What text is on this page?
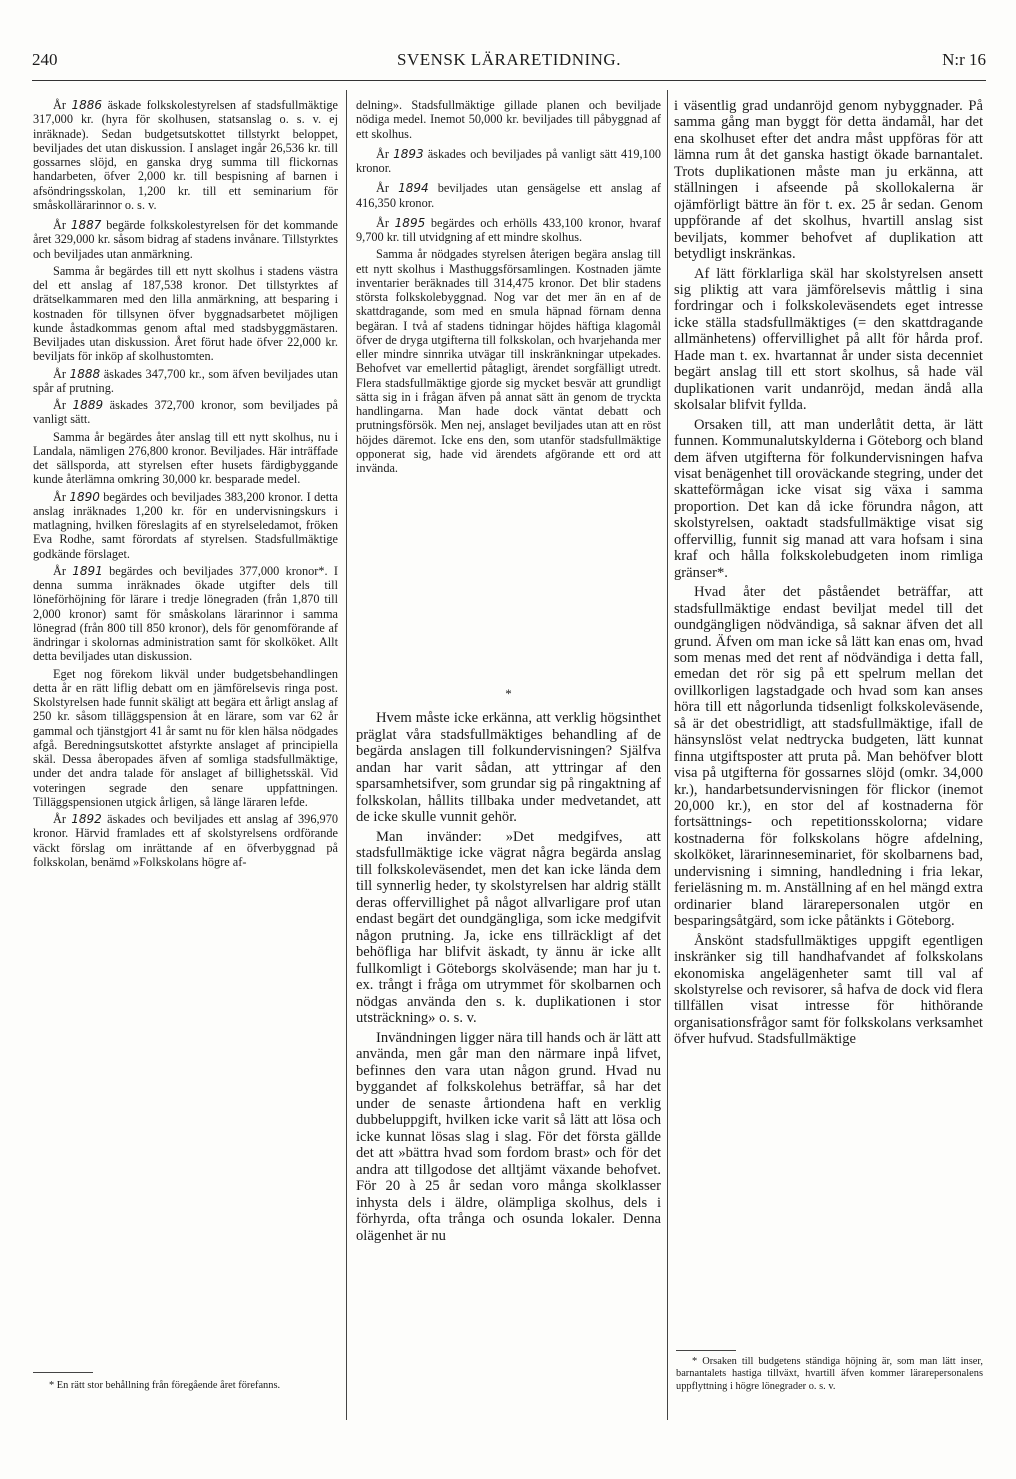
240	SVENSK LÄRARETIDNING.	N:r 16

År 1886 äskade folkskolestyrelsen af stadsfullmäktige 317,000 kr. (hyra för skolhusen, statsanslag o. s. v. ej inräknade). Sedan budgetsutskottet tillstyrkt beloppet, beviljades det utan diskussion. I anslaget ingår 26,536 kr. till gossarnes slöjd, en ganska dryg summa till flickornas handarbeten, öfver 2,000 kr. till bespisning af barnen i afsöndringsskolan, 1,200 kr. till ett seminarium för småskollärarinnor o. s. v.

År 1887 begärde folkskolestyrelsen för det kommande året 329,000 kr. såsom bidrag af stadens invånare. Tillstyrktes och beviljades utan anmärkning.

Samma år begärdes till ett nytt skolhus i stadens västra del ett anslag af 187,538 kronor. Det tillstyrktes af drätselkammaren med den lilla anmärkning, att besparing i kostnaden för tillsynen öfver byggnadsarbetet möjligen kunde åstadkommas genom aftal med stadsbyggmästaren. Beviljades utan diskussion. Året förut hade öfver 22,000 kr. beviljats för inköp af skolhustomten.

År 1888 äskades 347,700 kr., som äfven beviljades utan spår af prutning.

År 1889 äskades 372,700 kronor, som beviljades på vanligt sätt.

Samma år begärdes åter anslag till ett nytt skolhus, nu i Landala, nämligen 276,800 kronor. Beviljades. Här inträffade det sällsporda, att styrelsen efter husets färdigbyggande kunde återlämna omkring 30,000 kr. besparade medel.

År 1890 begärdes och beviljades 383,200 kronor. I detta anslag inräknades 1,200 kr. för en undervisningskurs i matlagning, hvilken föreslagits af en styrelseledamot, fröken Eva Rodhe, samt förordats af styrelsen. Stadsfullmäktige godkände förslaget.

År 1891 begärdes och beviljades 377,000 kronor*. I denna summa inräknades ökade utgifter dels till löneförhöjning för lärare i tredje lönegraden (från 1,870 till 2,000 kronor) samt för småskolans lärarinnor i samma lönegrad (från 800 till 850 kronor), dels för genomförande af ändringar i skolornas administration samt för skolköket. Allt detta beviljades utan diskussion.

Eget nog förekom likväl under budgetsbehandlingen detta år en rätt liflig debatt om en jämförelsevis ringa post. Skolstyrelsen hade funnit skäligt att begära ett årligt anslag af 250 kr. såsom tilläggspension åt en lärare, som var 62 år gammal och tjänstgjort 41 år samt nu för klen hälsa nödgades afgå. Beredningsutskottet afstyrkte anslaget af principiella skäl. Dessa åberopades äfven af somliga stadsfullmäktige, under det andra talade för anslaget af billighetsskäl. Vid voteringen segrade den senare uppfattningen. Tilläggspensionen utgick årligen, så länge läraren lefde.

År 1892 äskades och beviljades ett anslag af 396,970 kronor. Härvid framlades ett af skolstyrelsens ordförande väckt förslag om inrättande af en öfverbyggnad på folkskolan, benämd »Folkskolans högre af-

* En rätt stor behållning från föregående året förefanns.

delning». Stadsfullmäktige gillade planen och beviljade nödiga medel. Inemot 50,000 kr. beviljades till påbyggnad af ett skolhus.

År 1893 äskades och beviljades på vanligt sätt 419,100 kronor.

År 1894 beviljades utan gensägelse ett anslag af 416,350 kronor.

År 1895 begärdes och erhölls 433,100 kronor, hvaraf 9,700 kr. till utvidgning af ett mindre skolhus.

Samma år nödgades styrelsen återigen begära anslag till ett nytt skolhus i Masthuggsförsamlingen. Kostnaden jämte inventarier beräknades till 314,475 kronor. Det blir stadens största folkskolebyggnad. Nog var det mer än en af de skattdragande, som med en smula häpnad förnam denna begäran. I två af stadens tidningar höjdes häftiga klagomål öfver de dryga utgifterna till folkskolan, och hvarjehanda mer eller mindre sinnrika utvägar till inskränkningar utpekades. Behofvet var emellertid påtagligt, ärendet sorgfälligt utredt. Flera stadsfullmäktige gjorde sig mycket besvär att grundligt sätta sig in i frågan äfven på annat sätt än genom de tryckta handlingarna. Man hade dock väntat debatt och prutningsförsök. Men nej, anslaget beviljades utan att en röst höjdes däremot. Icke ens den, som utanför stadsfullmäktige opponerat sig, hade vid ärendets afgörande ett ord att invända.

*

Hvem måste icke erkänna, att verklig högsinthet präglat våra stadsfullmäktiges behandling af de begärda anslagen till folkundervisningen? Själfva andan har varit sådan, att yttringar af den sparsamhetsifver, som grundar sig på ringaktning af folkskolan, hållits tillbaka under medvetandet, att de icke skulle vunnit gehör.

Man invänder: »Det medgifves, att stadsfullmäktige icke vägrat några begärda anslag till folkskoleväsendet, men det kan icke lända dem till synnerlig heder, ty skolstyrelsen har aldrig ställt deras offervillighet på något allvarligare prof utan endast begärt det oundgängliga, som icke medgifvit någon prutning. Ja, icke ens tillräckligt af det behöfliga har blifvit äskadt, ty ännu är icke allt fullkomligt i Göteborgs skolväsende; man har ju t. ex. trångt i fråga om utrymmet för skolbarnen och nödgas använda den s. k. duplikationen i stor utsträckning» o. s. v.

Invändningen ligger nära till hands och är lätt att använda, men går man den närmare inpå lifvet, befinnes den vara utan någon grund. Hvad nu byggandet af folkskolehus beträffar, så har det under de senaste årtiondena haft en verklig dubbeluppgift, hvilken icke varit så lätt att lösa och icke kunnat lösas slag i slag. För det första gällde det att »bättra hvad som fordom brast» och för det andra att tillgodose det alltjämt växande behofvet. För 20 à 25 år sedan voro många skolklasser inhysta dels i äldre, olämpliga skolhus, dels i förhyrda, ofta trånga och osunda lokaler. Denna olägenhet är nu

i väsentlig grad undanröjd genom nybyggnader. På samma gång man byggt för detta ändamål, har det ena skolhuset efter det andra måst uppföras för att lämna rum åt det ganska hastigt ökade barnantalet. Trots duplikationen måste man ju erkänna, att ställningen i afseende på skollokalerna är ojämförligt bättre än för t. ex. 25 år sedan. Genom uppförande af det skolhus, hvartill anslag sist beviljats, kommer behofvet af duplikation att betydligt inskränkas.

Af lätt förklarliga skäl har skolstyrelsen ansett sig pliktig att vara jämförelsevis måttlig i sina fordringar och i folkskoleväsendets eget intresse icke ställa stadsfullmäktiges (= den skattdragande allmänhetens) offervillighet på allt för hårda prof. Hade man t. ex. hvartannat år under sista decenniet begärt anslag till ett stort skolhus, så hade väl duplikationen varit undanröjd, medan ändå alla skolsalar blifvit fyllda.

Orsaken till, att man underlåtit detta, är lätt funnen. Kommunalutskylderna i Göteborg och bland dem äfven utgifterna för folkundervisningen hafva visat benägenhet till oroväckande stegring, under det skatteförmågan icke visat sig växa i samma proportion. Det kan då icke förundra någon, att skolstyrelsen, oaktadt stadsfullmäktige visat sig offervillig, funnit sig manad att vara hofsam i sina kraf och hålla folkskolebudgeten inom rimliga gränser*.

Hvad åter det påståendet beträffar, att stadsfullmäktige endast beviljat medel till det oundgängligen nödvändiga, så saknar äfven det all grund. Äfven om man icke så lätt kan enas om, hvad som menas med det rent af nödvändiga i detta fall, emedan det rör sig på ett spelrum mellan det ovillkorligen lagstadgade och hvad som kan anses höra till ett någorlunda tidsenligt folkskoleväsende, så är det obestridligt, att stadsfullmäktige, ifall de hänsynslöst velat nedtrycka budgeten, lätt kunnat finna utgiftsposter att pruta på. Man behöfver blott visa på utgifterna för gossarnes slöjd (omkr. 34,000 kr.), handarbetsundervisningen för flickor (inemot 20,000 kr.), en stor del af kostnaderna för fortsättnings- och repetitionsskolorna; vidare kostnaderna för folkskolans högre afdelning, skolköket, lärarinneseminariet, för skolbarnens bad, undervisning i simning, handledning i fria lekar, ferieläsning m. m. Anställning af en hel mängd extra ordinarier bland lärarepersonalen utgör en besparingsåtgärd, som icke påtänkts i Göteborg.

Ånskönt stadsfullmäktiges uppgift egentligen inskränker sig till handhafvandet af folkskolans ekonomiska angelägenheter samt till val af skolstyrelse och revisorer, så hafva de dock vid flera tillfällen visat intresse för hithörande organisationsfrågor samt för folkskolans verksamhet öfver hufvud. Stadsfullmäktige

* Orsaken till budgetens ständiga höjning är, som man lätt inser, barnantalets hastiga tillväxt, hvartill äfven kommer lärarepersonalens uppflyttning i högre lönegrader o. s. v.
